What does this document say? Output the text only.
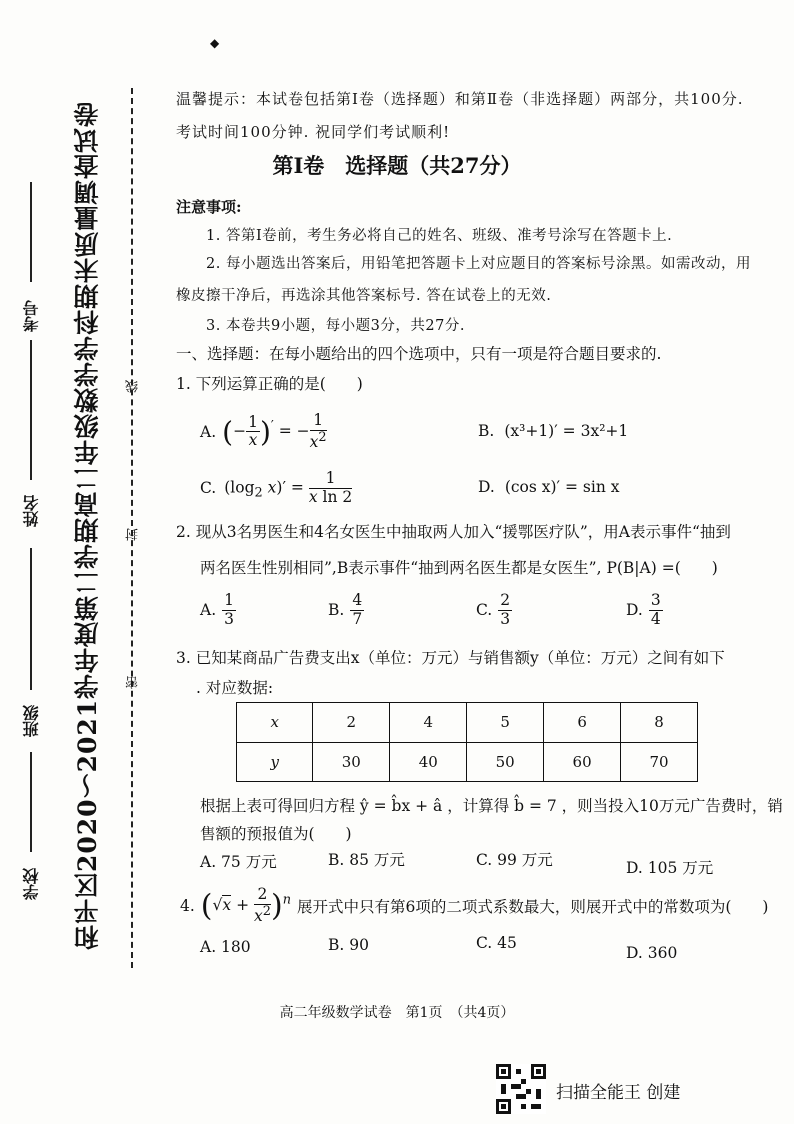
◆
线
封
密
和平区2020～2021学年度第二学期高二年级数学学科期末质量调查试卷
考号
姓名
班级
学校
温馨提示：本试卷包括第Ⅰ卷（选择题）和第Ⅱ卷（非选择题）两部分，共100分.
考试时间100分钟. 祝同学们考试顺利!
第Ⅰ卷　选择题（共27分）
注意事项:
1. 答第Ⅰ卷前，考生务必将自己的姓名、班级、准考号涂写在答题卡上.
2. 每小题选出答案后，用铅笔把答题卡上对应题目的答案标号涂黑。如需改动，用
橡皮擦干净后，再选涂其他答案标号. 答在试卷上的无效.
3. 本卷共9小题，每小题3分，共27分.
一、选择题：在每小题给出的四个选项中，只有一项是符合题目要求的.
1. 下列运算正确的是(　　)
A. (− $\frac{1}{x} )'$ = − $\frac{1}{x^2}$	B. (x³+1)′ = 3x²+1
C. ($\log_2$ $x)' = \frac{1}{\text{x ln 2}}$	D. (cos x)′ = sin x
2. 现从3名男医生和4名女医生中抽取两人加入“援鄂医疗队”，用A表示事件“抽到
两名医生性别相同”,B表示事件“抽到两名医生都是女医生”, P(B|A) =(　　)
A. $\frac{1}{3}$	B. $\frac{4}{7}$	C. $\frac{2}{3}$	D. $\frac{3}{4}$
3. 已知某商品广告费支出x（单位：万元）与销售额y（单位：万元）之间有如下
. 对应数据:
x	2	4	5	6	8
y	30	40	50	60	70
根据上表可得回归方程 ŷ = b̂x + â ，计算得 b̂ = 7 ，则当投入10万元广告费时，销
售额的预报值为(　　)
A. 75 万元	B. 85 万元	C. 99 万元	D. 105 万元
4. $(√x + \frac{2}{x^2} )^n$ 展开式中只有第6项的二项式系数最大，则展开式中的常数项为(　　)
A. 180	B. 90	C. 45
D. 360
高二年级数学试卷　第1页　（共4页）
扫描全能王 创建
